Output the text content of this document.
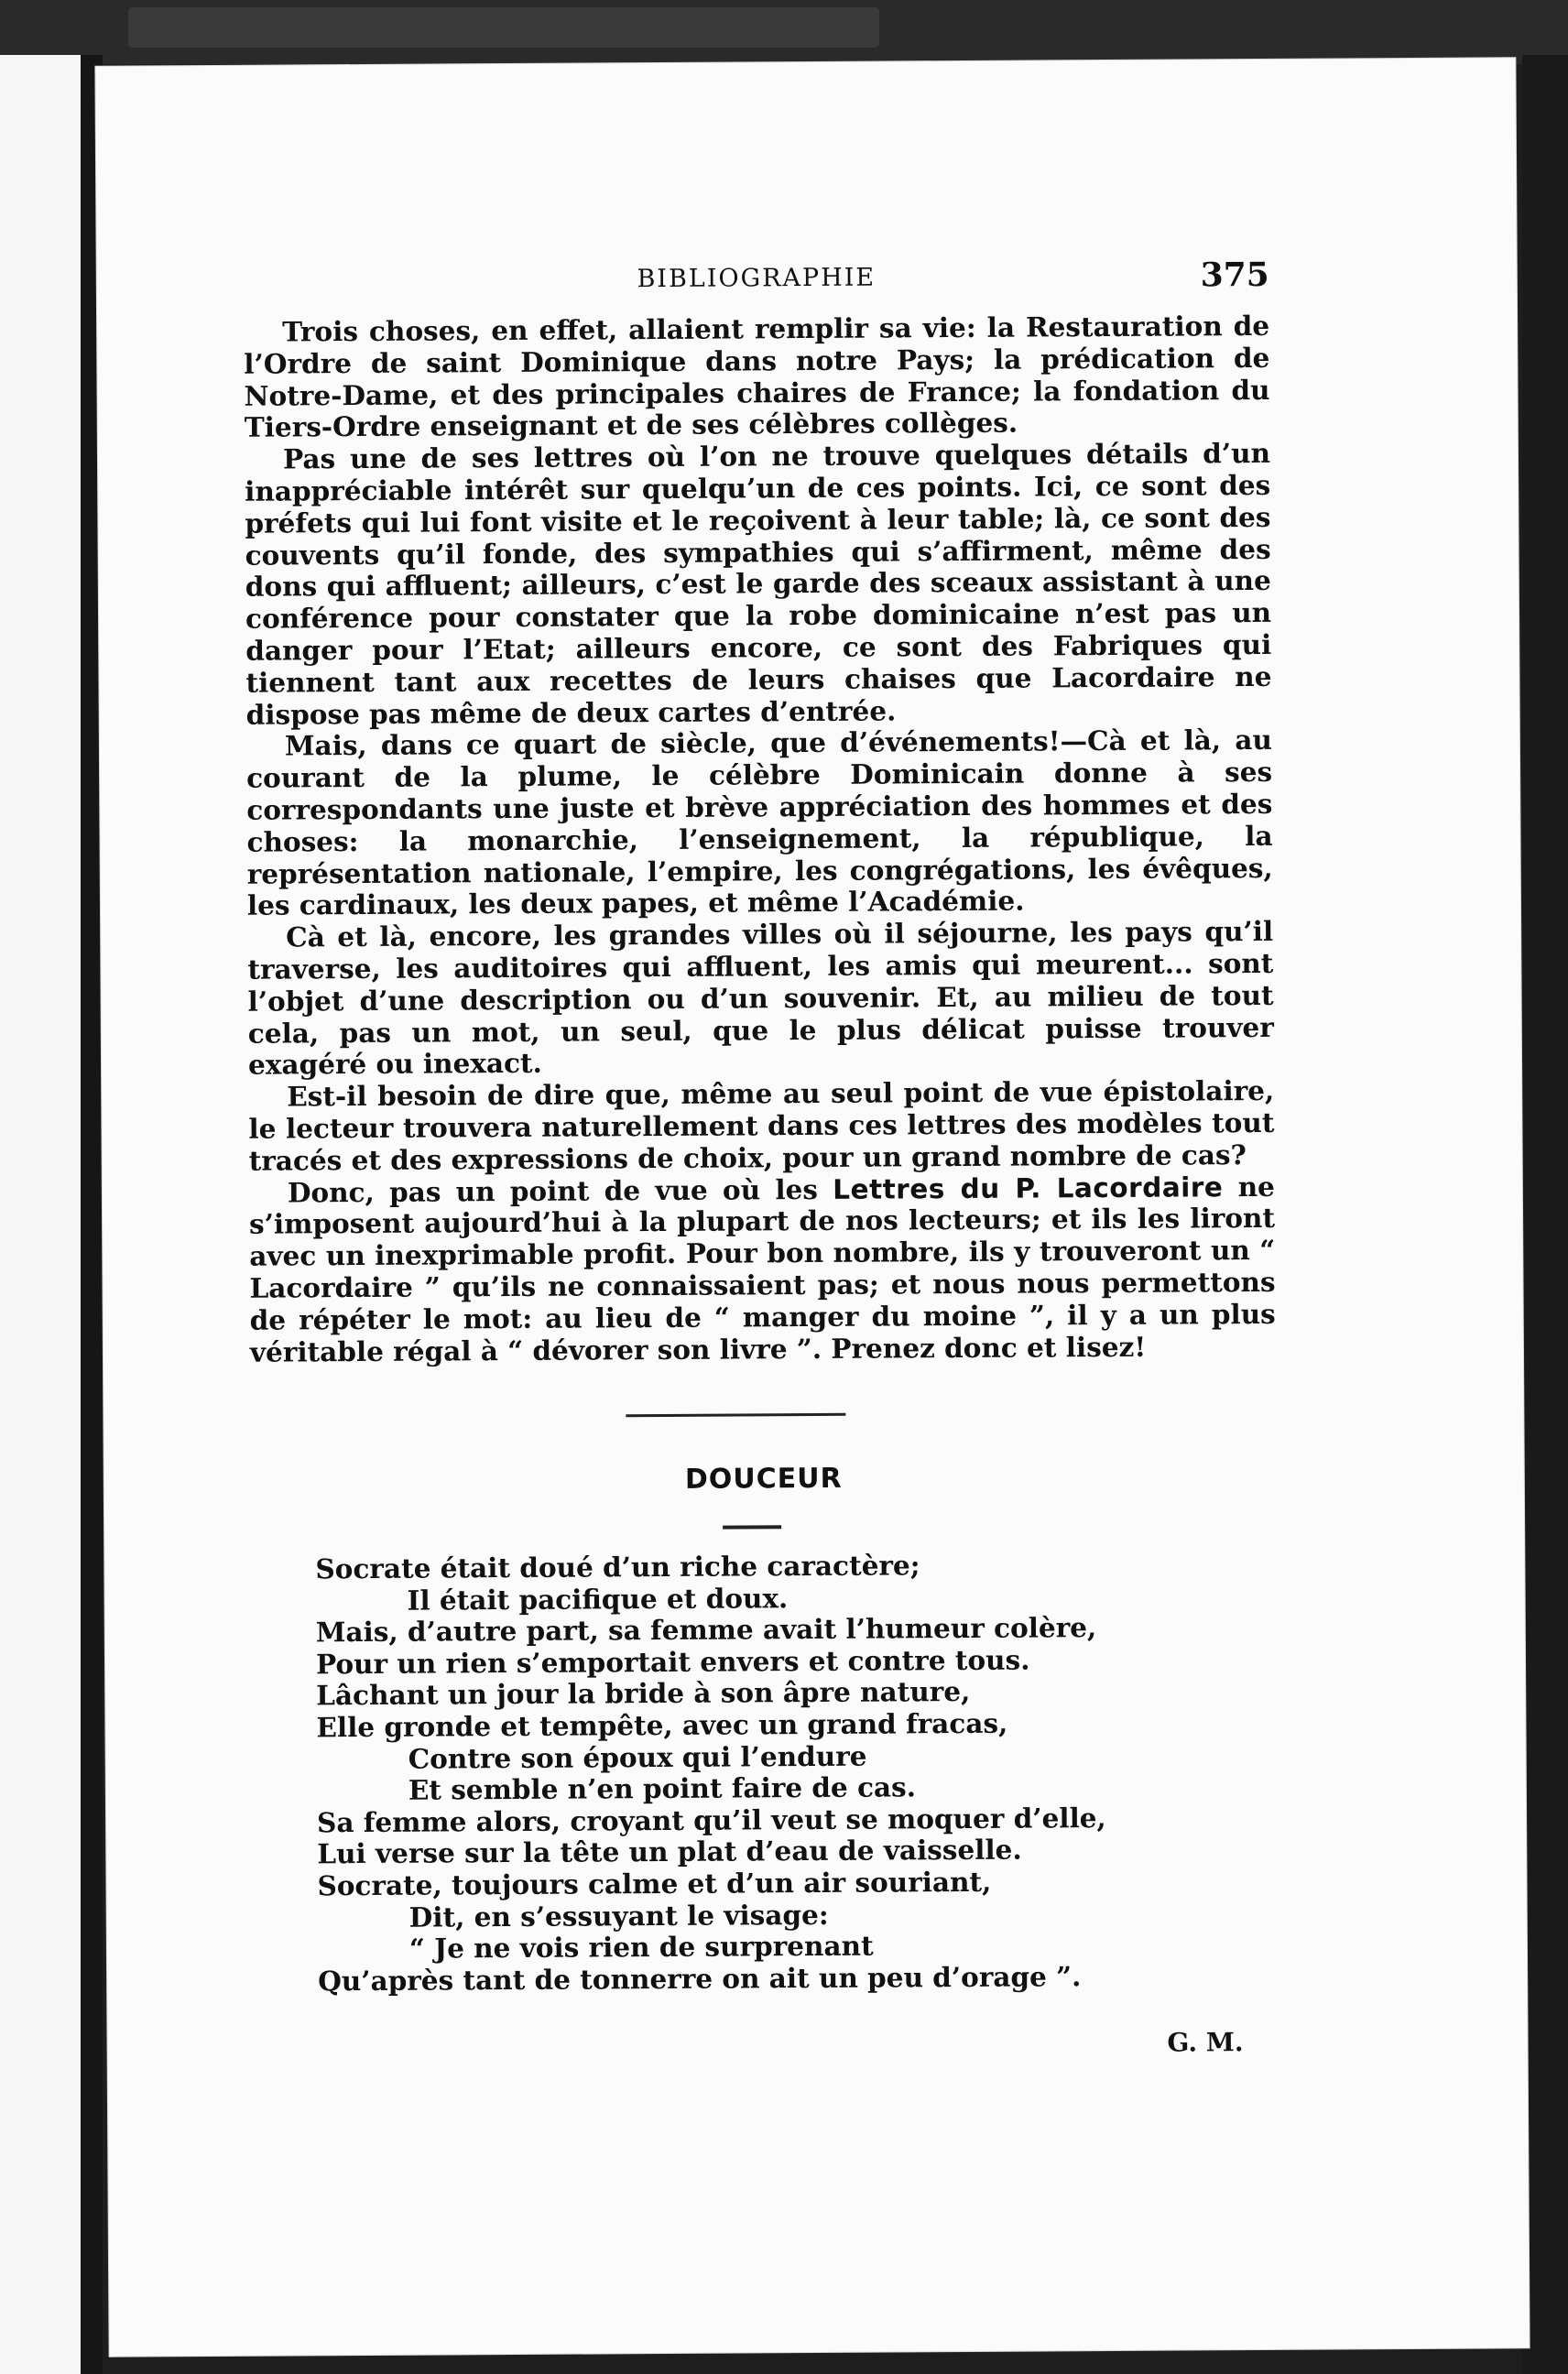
BIBLIOGRAPHIE	375

Trois choses, en effet, allaient remplir sa vie: la Restauration de l’Ordre de saint Dominique dans notre Pays; la prédication de Notre-Dame, et des principales chaires de France; la fondation du Tiers-Ordre enseignant et de ses célèbres collèges.

Pas une de ses lettres où l’on ne trouve quelques détails d’un inappréciable intérêt sur quelqu’un de ces points. Ici, ce sont des préfets qui lui font visite et le reçoivent à leur table; là, ce sont des couvents qu’il fonde, des sympathies qui s’affirment, même des dons qui affluent; ailleurs, c’est le garde des sceaux assistant à une conférence pour constater que la robe dominicaine n’est pas un danger pour l’Etat; ailleurs encore, ce sont des Fabriques qui tiennent tant aux recettes de leurs chaises que Lacordaire ne dispose pas même de deux cartes d’entrée.

Mais, dans ce quart de siècle, que d’événements!—Cà et là, au courant de la plume, le célèbre Dominicain donne à ses correspondants une juste et brève appréciation des hommes et des choses: la monarchie, l’enseignement, la république, la représentation nationale, l’empire, les congrégations, les évêques, les cardinaux, les deux papes, et même l’Académie.

Cà et là, encore, les grandes villes où il séjourne, les pays qu’il traverse, les auditoires qui affluent, les amis qui meurent... sont l’objet d’une description ou d’un souvenir. Et, au milieu de tout cela, pas un mot, un seul, que le plus délicat puisse trouver exagéré ou inexact.

Est-il besoin de dire que, même au seul point de vue épistolaire, le lecteur trouvera naturellement dans ces lettres des modèles tout tracés et des expressions de choix, pour un grand nombre de cas?

Donc, pas un point de vue où les Lettres du P. Lacordaire ne s’imposent aujourd’hui à la plupart de nos lecteurs; et ils les liront avec un inexprimable profit. Pour bon nombre, ils y trouveront un “ Lacordaire ” qu’ils ne connaissaient pas; et nous nous permettons de répéter le mot: au lieu de “ manger du moine ”, il y a un plus véritable régal à “ dévorer son livre ”. Prenez donc et lisez!

DOUCEUR
Socrate était doué d’un riche caractère;
Il était pacifique et doux.
Mais, d’autre part, sa femme avait l’humeur colère,
Pour un rien s’emportait envers et contre tous.
Lâchant un jour la bride à son âpre nature,
Elle gronde et tempête, avec un grand fracas,
Contre son époux qui l’endure
Et semble n’en point faire de cas.
Sa femme alors, croyant qu’il veut se moquer d’elle,
Lui verse sur la tête un plat d’eau de vaisselle.
Socrate, toujours calme et d’un air souriant,
Dit, en s’essuyant le visage:
“ Je ne vois rien de surprenant
Qu’après tant de tonnerre on ait un peu d’orage ”.
G. M.
